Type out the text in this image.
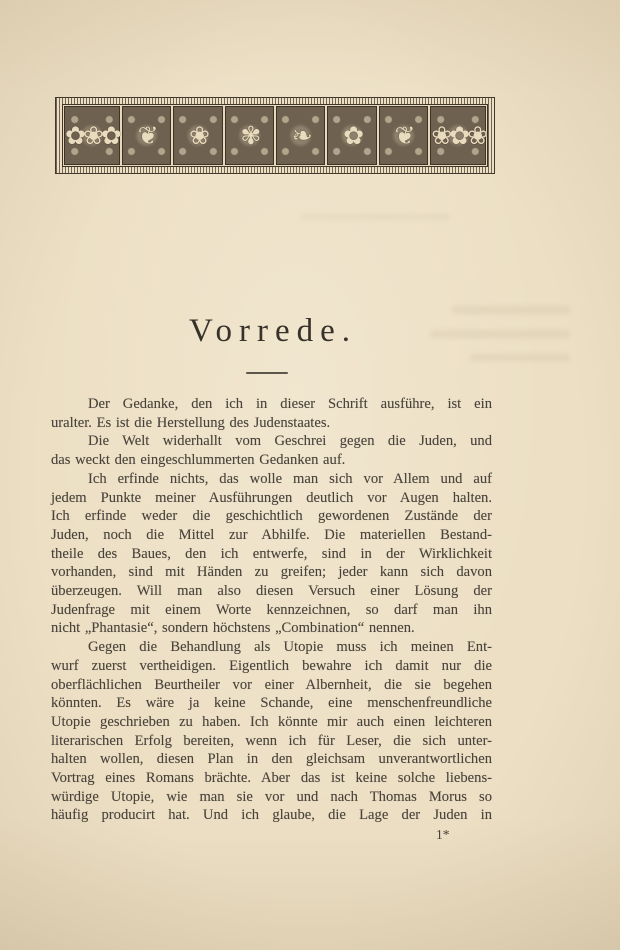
✿❀✿ ❦	❀	✾	❧	✿	❦ ❀✿❀
Vorrede.
Der Gedanke, den ich in dieser Schrift ausführe, ist ein
uralter. Es ist die Herstellung des Judenstaates.
Die Welt widerhallt vom Geschrei gegen die Juden, und
das weckt den eingeschlummerten Gedanken auf.
Ich erfinde nichts, das wolle man sich vor Allem und auf
jedem Punkte meiner Ausführungen deutlich vor Augen halten.
Ich erfinde weder die geschichtlich gewordenen Zustände der
Juden, noch die Mittel zur Abhilfe. Die materiellen Bestand-
theile des Baues, den ich entwerfe, sind in der Wirklichkeit
vorhanden, sind mit Händen zu greifen; jeder kann sich davon
überzeugen. Will man also diesen Versuch einer Lösung der
Judenfrage mit einem Worte kennzeichnen, so darf man ihn
nicht „Phantasie“, sondern höchstens „Combination“ nennen.
Gegen die Behandlung als Utopie muss ich meinen Ent-
wurf zuerst vertheidigen. Eigentlich bewahre ich damit nur die
oberflächlichen Beurtheiler vor einer Albernheit, die sie begehen
könnten. Es wäre ja keine Schande, eine menschenfreundliche
Utopie geschrieben zu haben. Ich könnte mir auch einen leichteren
literarischen Erfolg bereiten, wenn ich für Leser, die sich unter-
halten wollen, diesen Plan in den gleichsam unverantwortlichen
Vortrag eines Romans brächte. Aber das ist keine solche liebens-
würdige Utopie, wie man sie vor und nach Thomas Morus so
häufig producirt hat. Und ich glaube, die Lage der Juden in
1*
